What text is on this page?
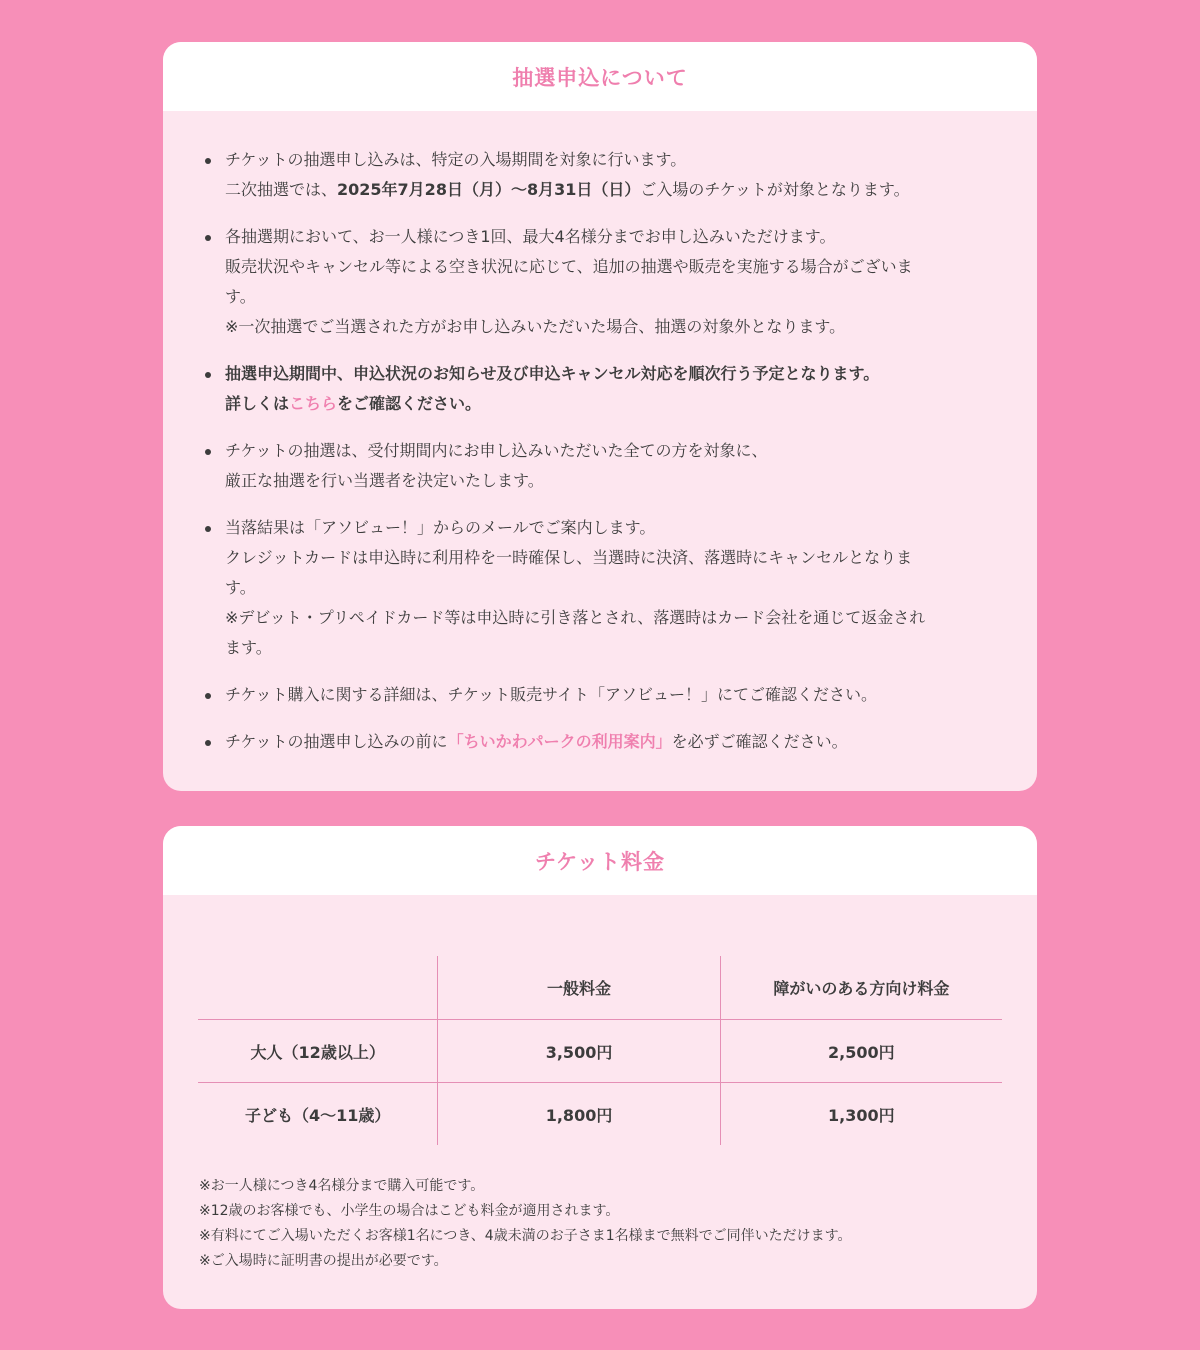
抽選申込について
チケットの抽選申し込みは、特定の入場期間を対象に行います。
二次抽選では、2025年7月28日（月）〜8月31日（日）ご入場のチケットが対象となります。
各抽選期において、お一人様につき1回、最大4名様分までお申し込みいただけます。
販売状況やキャンセル等による空き状況に応じて、追加の抽選や販売を実施する場合がございま
す。
※一次抽選でご当選された方がお申し込みいただいた場合、抽選の対象外となります。
抽選申込期間中、申込状況のお知らせ及び申込キャンセル対応を順次行う予定となります。
詳しくはこちらをご確認ください。
チケットの抽選は、受付期間内にお申し込みいただいた全ての方を対象に、
厳正な抽選を行い当選者を決定いたします。
当落結果は「アソビュー！」からのメールでご案内します。
クレジットカードは申込時に利用枠を一時確保し、当選時に決済、落選時にキャンセルとなりま
す。
※デビット・プリペイドカード等は申込時に引き落とされ、落選時はカード会社を通じて返金され
ます。
チケット購入に関する詳細は、チケット販売サイト「アソビュー！」にてご確認ください。
チケットの抽選申し込みの前に「ちいかわパークの利用案内」を必ずご確認ください。
チケット料金
	一般料金	障がいのある方向け料金
大人（12歳以上）	3,500円	2,500円
子ども（4〜11歳）	1,800円	1,300円
※お一人様につき4名様分まで購入可能です。
※12歳のお客様でも、小学生の場合はこども料金が適用されます。
※有料にてご入場いただくお客様1名につき、4歳未満のお子さま1名様まで無料でご同伴いただけます。
※ご入場時に証明書の提出が必要です。
